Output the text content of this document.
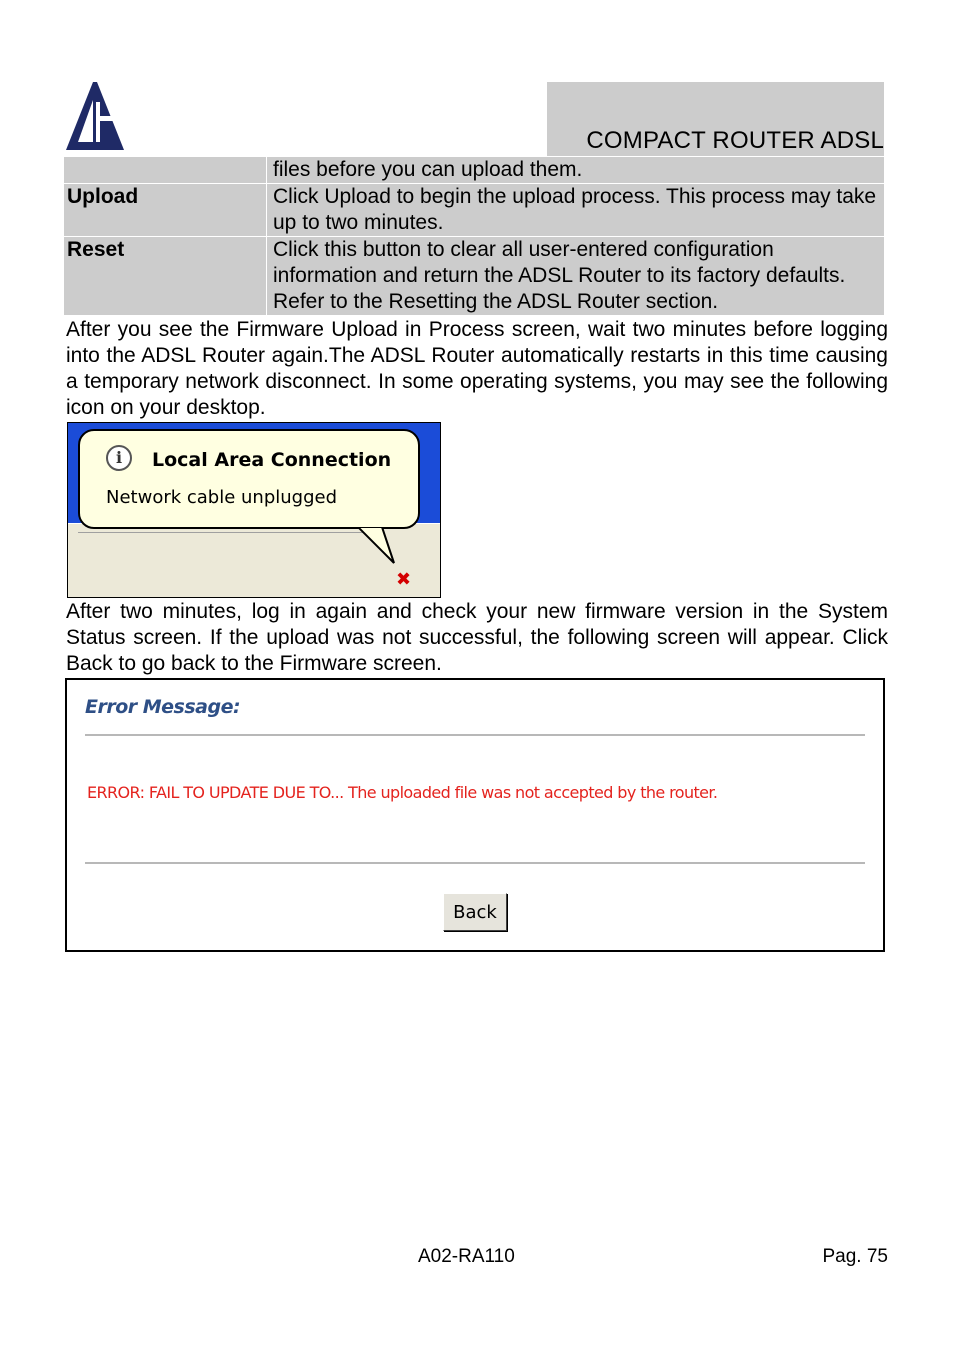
COMPACT ROUTER ADSL
	files before you can upload them.
Upload	Click Upload to begin the upload process. This process may take up to two minutes.
Reset	Click this button to clear all user-entered configuration information and return the ADSL Router to its factory defaults. Refer to the Resetting the ADSL Router section.
After you see the Firmware Upload in Process screen, wait two minutes before logging into the ADSL Router again.The ADSL Router automatically restarts in this time causing a temporary network disconnect. In some operating systems, you may see the following icon on your desktop.
i	Local Area Connection
Network cable unplugged
✖
After two minutes, log in again and check your new firmware version in the System Status screen. If the upload was not successful, the following screen will appear. Click Back to go back to the Firmware screen.
Error Message:
ERROR: FAIL TO UPDATE DUE TO... The uploaded file was not accepted by the router.
Back
A02-RA110	Pag. 75
